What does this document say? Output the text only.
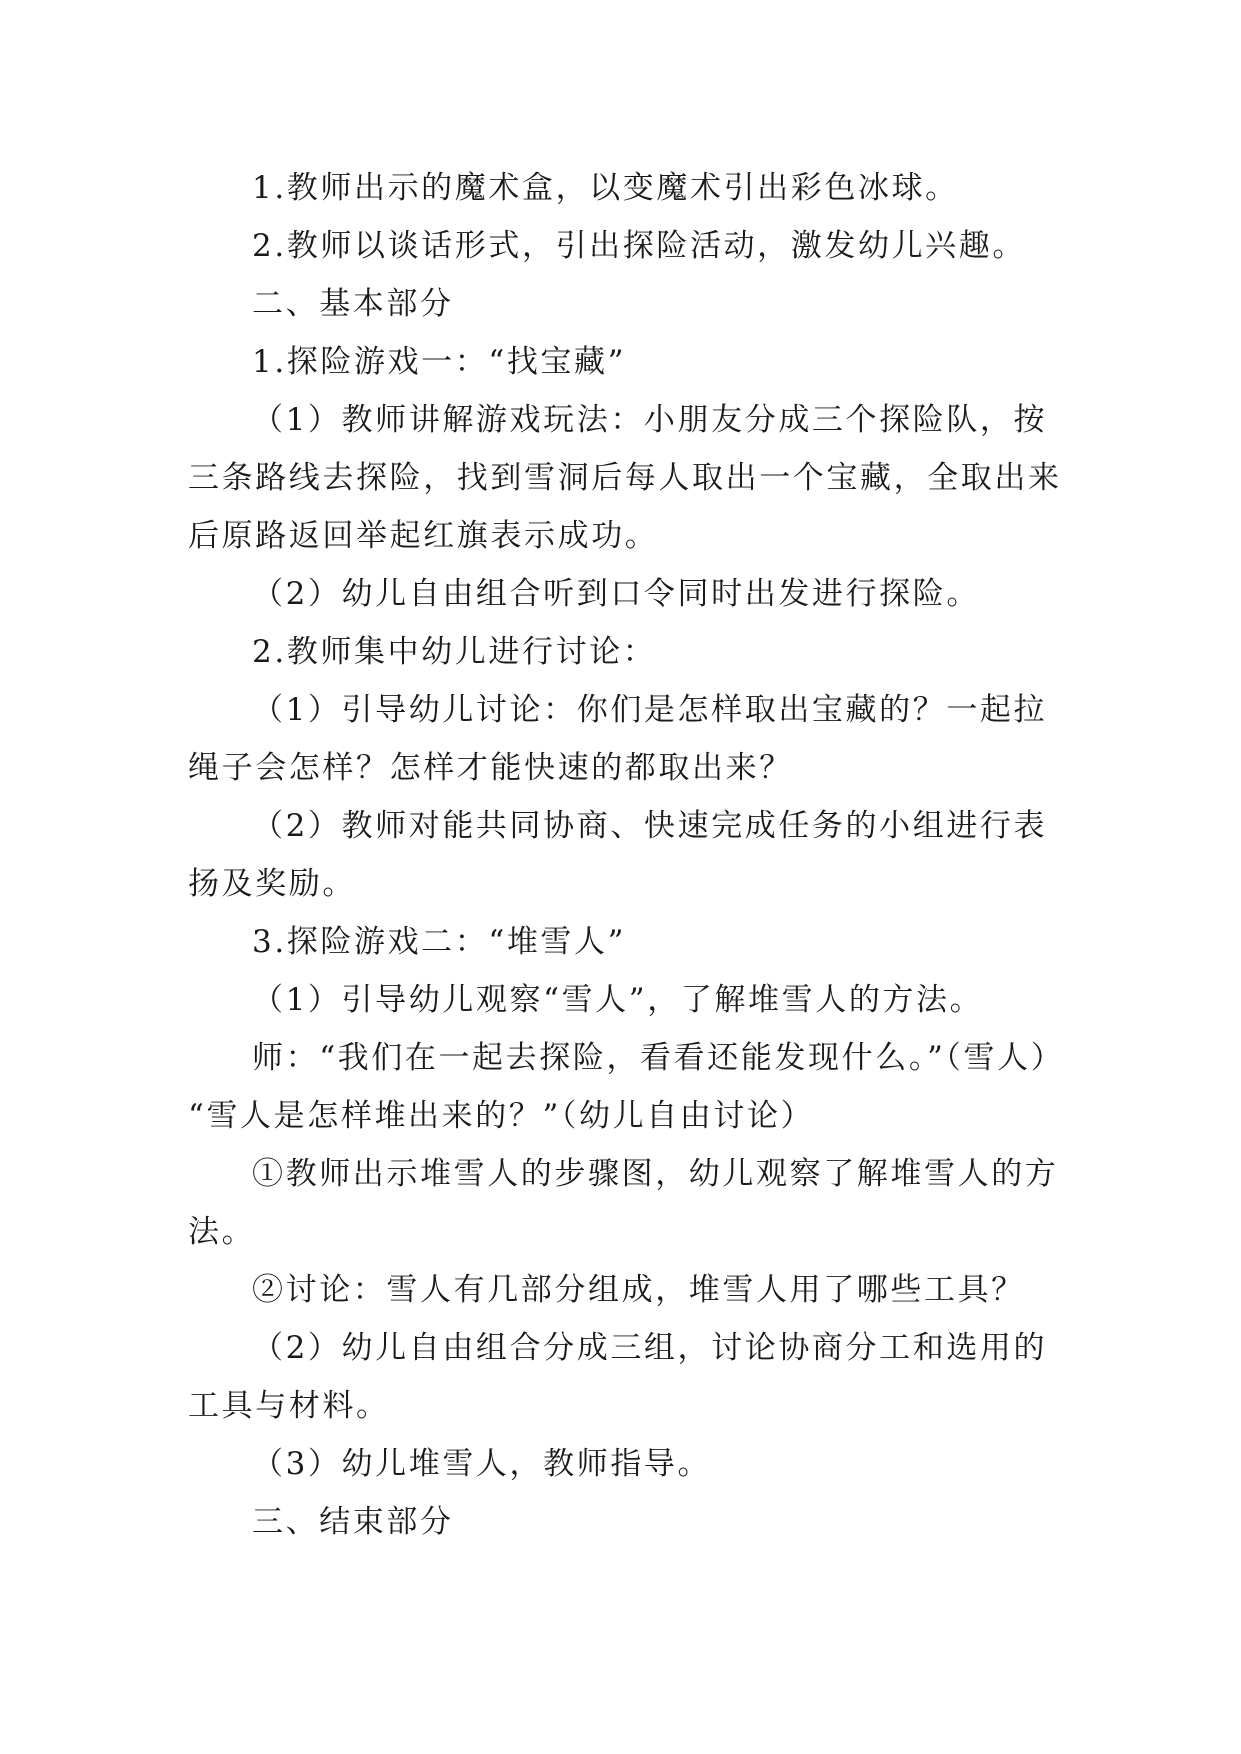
1.教师出示的魔术盒，以变魔术引出彩色冰球。
2.教师以谈话形式，引出探险活动，激发幼儿兴趣。
二、基本部分
1.探险游戏一：“找宝藏”
（1）教师讲解游戏玩法：小朋友分成三个探险队，按
三条路线去探险，找到雪洞后每人取出一个宝藏，全取出来
后原路返回举起红旗表示成功。
（2）幼儿自由组合听到口令同时出发进行探险。
2.教师集中幼儿进行讨论：
（1）引导幼儿讨论：你们是怎样取出宝藏的？一起拉
绳子会怎样？怎样才能快速的都取出来？
（2）教师对能共同协商、快速完成任务的小组进行表
扬及奖励。
3.探险游戏二：“堆雪人”
（1）引导幼儿观察“雪人”，了解堆雪人的方法。
师：“我们在一起去探险，看看还能发现什么。”（雪人）
“雪人是怎样堆出来的？”（幼儿自由讨论）
①教师出示堆雪人的步骤图，幼儿观察了解堆雪人的方
法。
②讨论：雪人有几部分组成，堆雪人用了哪些工具？
（2）幼儿自由组合分成三组，讨论协商分工和选用的
工具与材料。
（3）幼儿堆雪人，教师指导。
三、结束部分
